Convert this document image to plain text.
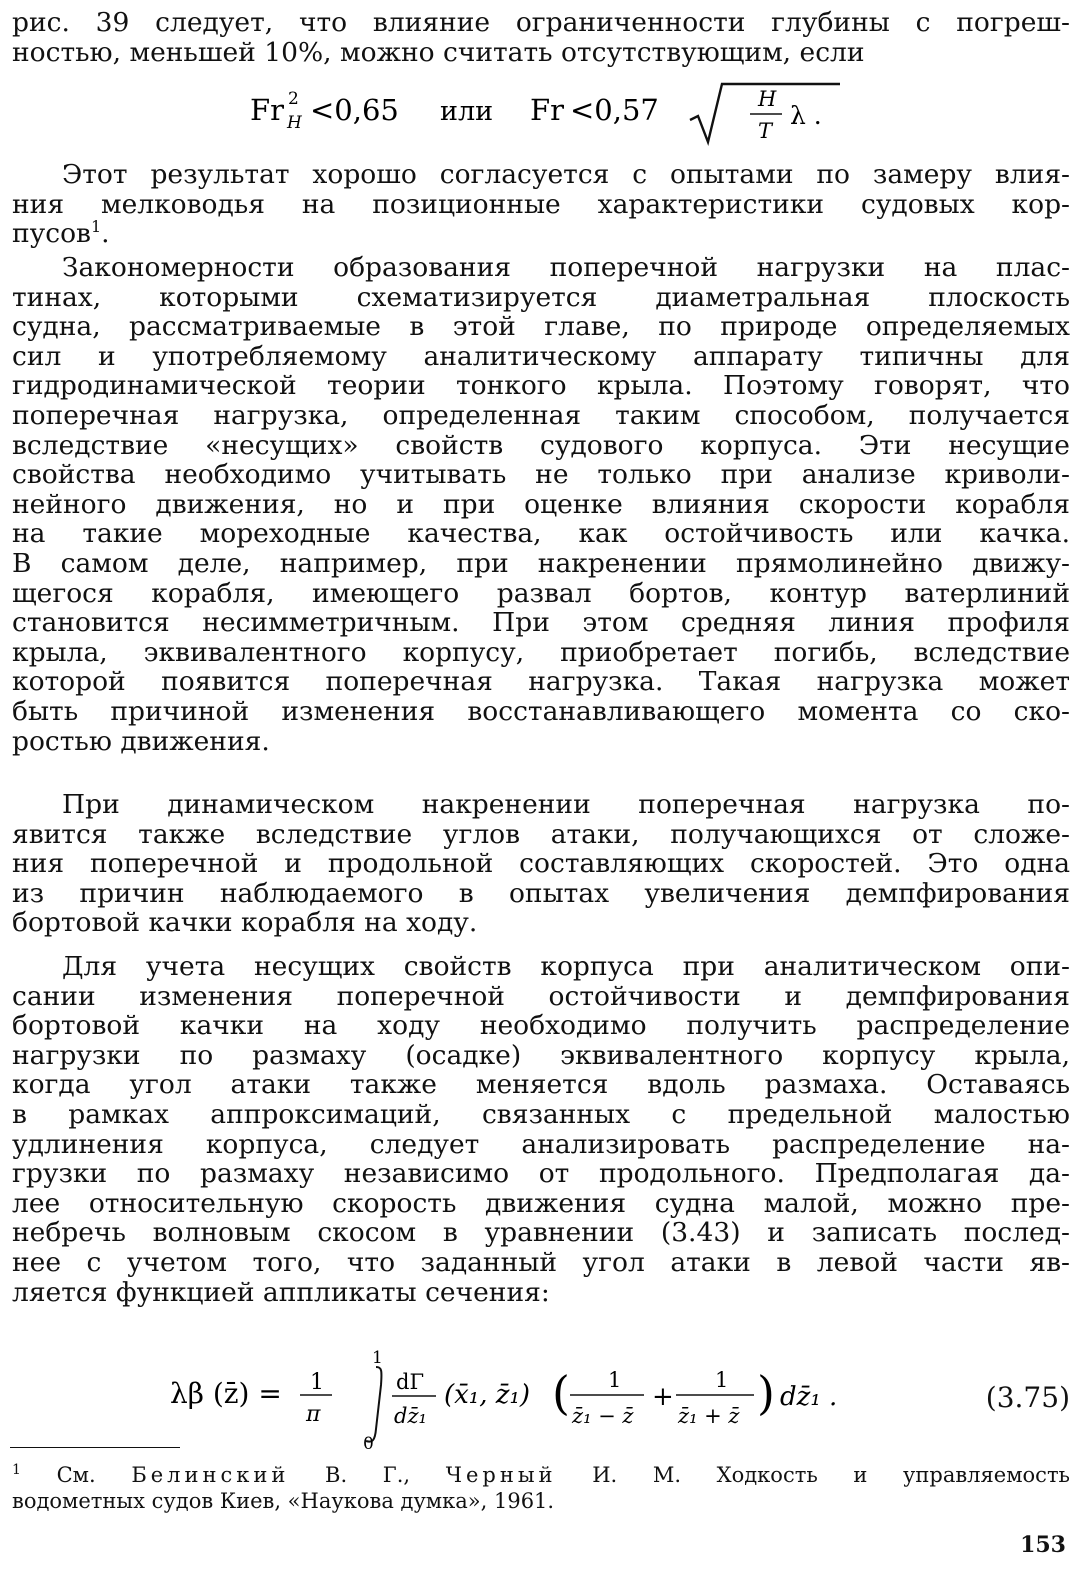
рис. 39 следует, что влияние ограниченности глубины с погреш-
ностью, меньшей 10%, можно считать отсутствующим, если
Fr 2
H <0,65 или Fr <0,57	H
T
λ .
Этот результат хорошо согласуется с опытами по замеру влия-
ния мелководья на позиционные характеристики судовых кор-
пусов$^1$.
Закономерности образования поперечной нагрузки на плас-
тинах, которыми схематизируется диаметральная плоскость
судна, рассматриваемые в этой главе, по природе определяемых
сил и употребляемому аналитическому аппарату типичны для
гидродинамической теории тонкого крыла. Поэтому говорят, что
поперечная нагрузка, определенная таким способом, получается
вследствие «несущих» свойств судового корпуса. Эти несущие
свойства необходимо учитывать не только при анализе криволи-
нейного движения, но и при оценке влияния скорости корабля
на такие мореходные качества, как остойчивость или качка.
В самом деле, например, при накренении прямолинейно движу-
щегося корабля, имеющего развал бортов, контур ватерлиний
становится несимметричным. При этом средняя линия профиля
крыла, эквивалентного корпусу, приобретает погибь, вследствие
которой появится поперечная нагрузка. Такая нагрузка может
быть причиной изменения восстанавливающего момента со ско-
ростью движения.
При динамическом накренении поперечная нагрузка по-
явится также вследствие углов атаки, получающихся от сложе-
ния поперечной и продольной составляющих скоростей. Это одна
из причин наблюдаемого в опытах увеличения демпфирования
бортовой качки корабля на ходу.
Для учета несущих свойств корпуса при аналитическом опи-
сании изменения поперечной остойчивости и демпфирования
бортовой качки на ходу необходимо получить распределение
нагрузки по размаху (осадке) эквивалентного корпусу крыла,
когда угол атаки также меняется вдоль размаха. Оставаясь
в рамках аппроксимаций, связанных с предельной малостью
удлинения корпуса, следует анализировать распределение на-
грузки по размаху независимо от продольного. Предполагая да-
лее относительную скорость движения судна малой, можно пре-
небречь волновым скосом в уравнении (3.43) и записать послед-
нее с учетом того, что заданный угол атаки в левой части яв-
ляется функцией аппликаты сечения:
λβ (z̄) = 1
π
1
0
dΓ
dz̄₁
(x̄₁, z̄₁) ( 1
z̄₁ − z̄
+
1
z̄₁ + z̄ ) dz̄₁ .	(3.75)
$^1$ См. Белинский В. Г., Черный И. М. Ходкость и управляемость
водометных судов Киев, «Наукова думка», 1961.
153
